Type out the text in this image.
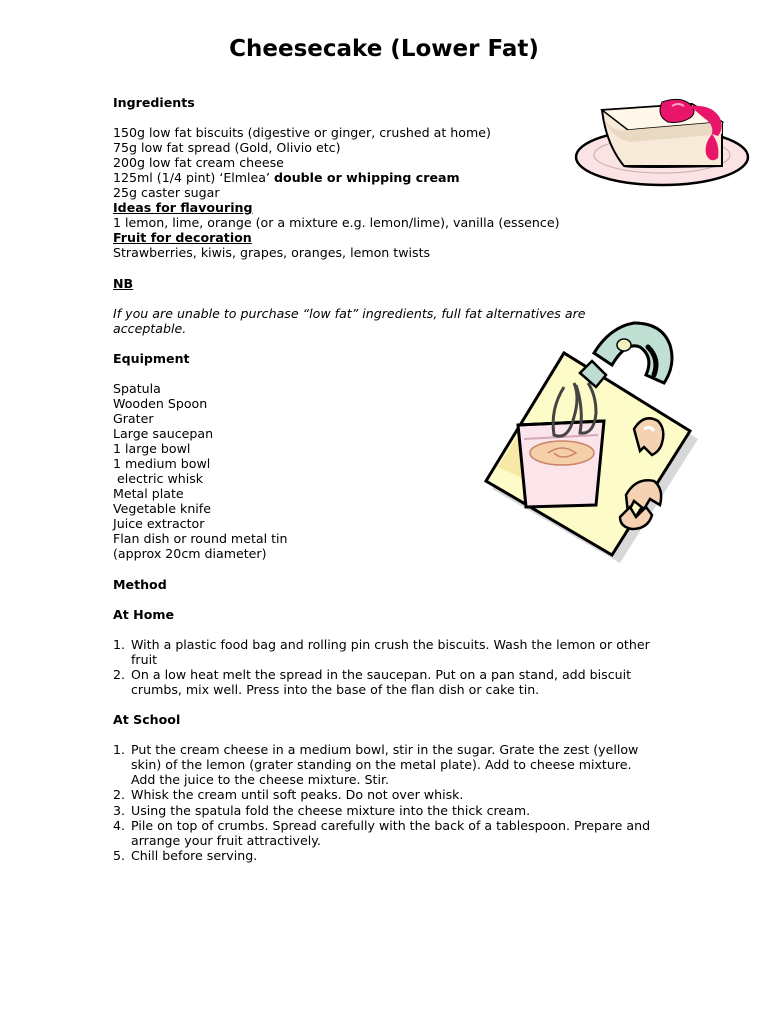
Cheesecake (Lower Fat)
Ingredients
150g low fat biscuits (digestive or ginger, crushed at home)
75g low fat spread (Gold, Olivio etc)
200g low fat cream cheese
125ml (1/4 pint) ‘Elmlea’ double or whipping cream
25g caster sugar
Ideas for flavouring
1 lemon, lime, orange (or a mixture e.g. lemon/lime), vanilla (essence)
Fruit for decoration
Strawberries, kiwis, grapes, oranges, lemon twists
NB
If you are unable to purchase “low fat” ingredients, full fat alternatives are
acceptable.
Equipment
Spatula
Wooden Spoon
Grater
Large saucepan
1 large bowl
1 medium bowl
electric whisk
Metal plate
Vegetable knife
Juice extractor
Flan dish or round metal tin
(approx 20cm diameter)
Method
At Home
1. With a plastic food bag and rolling pin crush the biscuits. Wash the lemon or other
fruit
2. On a low heat melt the spread in the saucepan. Put on a pan stand, add biscuit
crumbs, mix well. Press into the base of the flan dish or cake tin.
At School
1. Put the cream cheese in a medium bowl, stir in the sugar. Grate the zest (yellow
skin) of the lemon (grater standing on the metal plate). Add to cheese mixture.
Add the juice to the cheese mixture. Stir.
2. Whisk the cream until soft peaks. Do not over whisk.
3. Using the spatula fold the cheese mixture into the thick cream.
4. Pile on top of crumbs. Spread carefully with the back of a tablespoon. Prepare and
arrange your fruit attractively.
5. Chill before serving.
